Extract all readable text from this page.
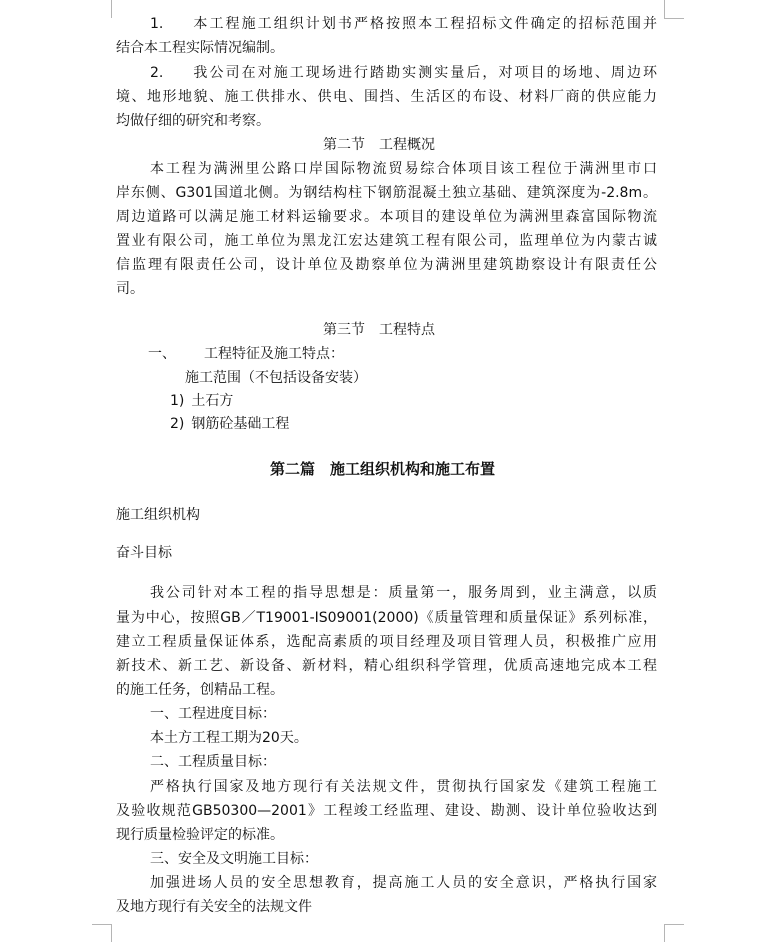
1.  本工程施工组织计划书严格按照本工程招标文件确定的招标范围并
结合本工程实际情况编制。
2.  我公司在对施工现场进行踏勘实测实量后，对项目的场地、周边环
境、地形地貌、施工供排水、供电、围挡、生活区的布设、材料厂商的供应能力
均做仔细的研究和考察。
第二节 工程概况
本工程为满洲里公路口岸国际物流贸易综合体项目该工程位于满洲里市口
岸东侧、G301国道北侧。为钢结构柱下钢筋混凝土独立基础、建筑深度为-2.8m。
周边道路可以满足施工材料运输要求。本项目的建设单位为满洲里森富国际物流
置业有限公司，施工单位为黑龙江宏达建筑工程有限公司，监理单位为内蒙古诚
信监理有限责任公司，设计单位及勘察单位为满洲里建筑勘察设计有限责任公
司。
第三节 工程特点
一、  工程特征及施工特点：
施工范围（不包括设备安装）
1) 土石方
2) 钢筋砼基础工程
第二篇 施工组织机构和施工布置
施工组织机构
奋斗目标
我公司针对本工程的指导思想是：质量第一，服务周到，业主满意，以质
量为中心，按照GB／T19001-IS09001(2000)《质量管理和质量保证》系列标准，
建立工程质量保证体系，选配高素质的项目经理及项目管理人员，积极推广应用
新技术、新工艺、新设备、新材料，精心组织科学管理，优质高速地完成本工程
的施工任务，创精品工程。
一、工程进度目标：
本土方工程工期为20天。
二、工程质量目标：
严格执行国家及地方现行有关法规文件，贯彻执行国家发《建筑工程施工
及验收规范GB50300—2001》工程竣工经监理、建设、勘测、设计单位验收达到
现行质量检验评定的标准。
三、安全及文明施工目标：
加强进场人员的安全思想教育，提高施工人员的安全意识，严格执行国家
及地方现行有关安全的法规文件
